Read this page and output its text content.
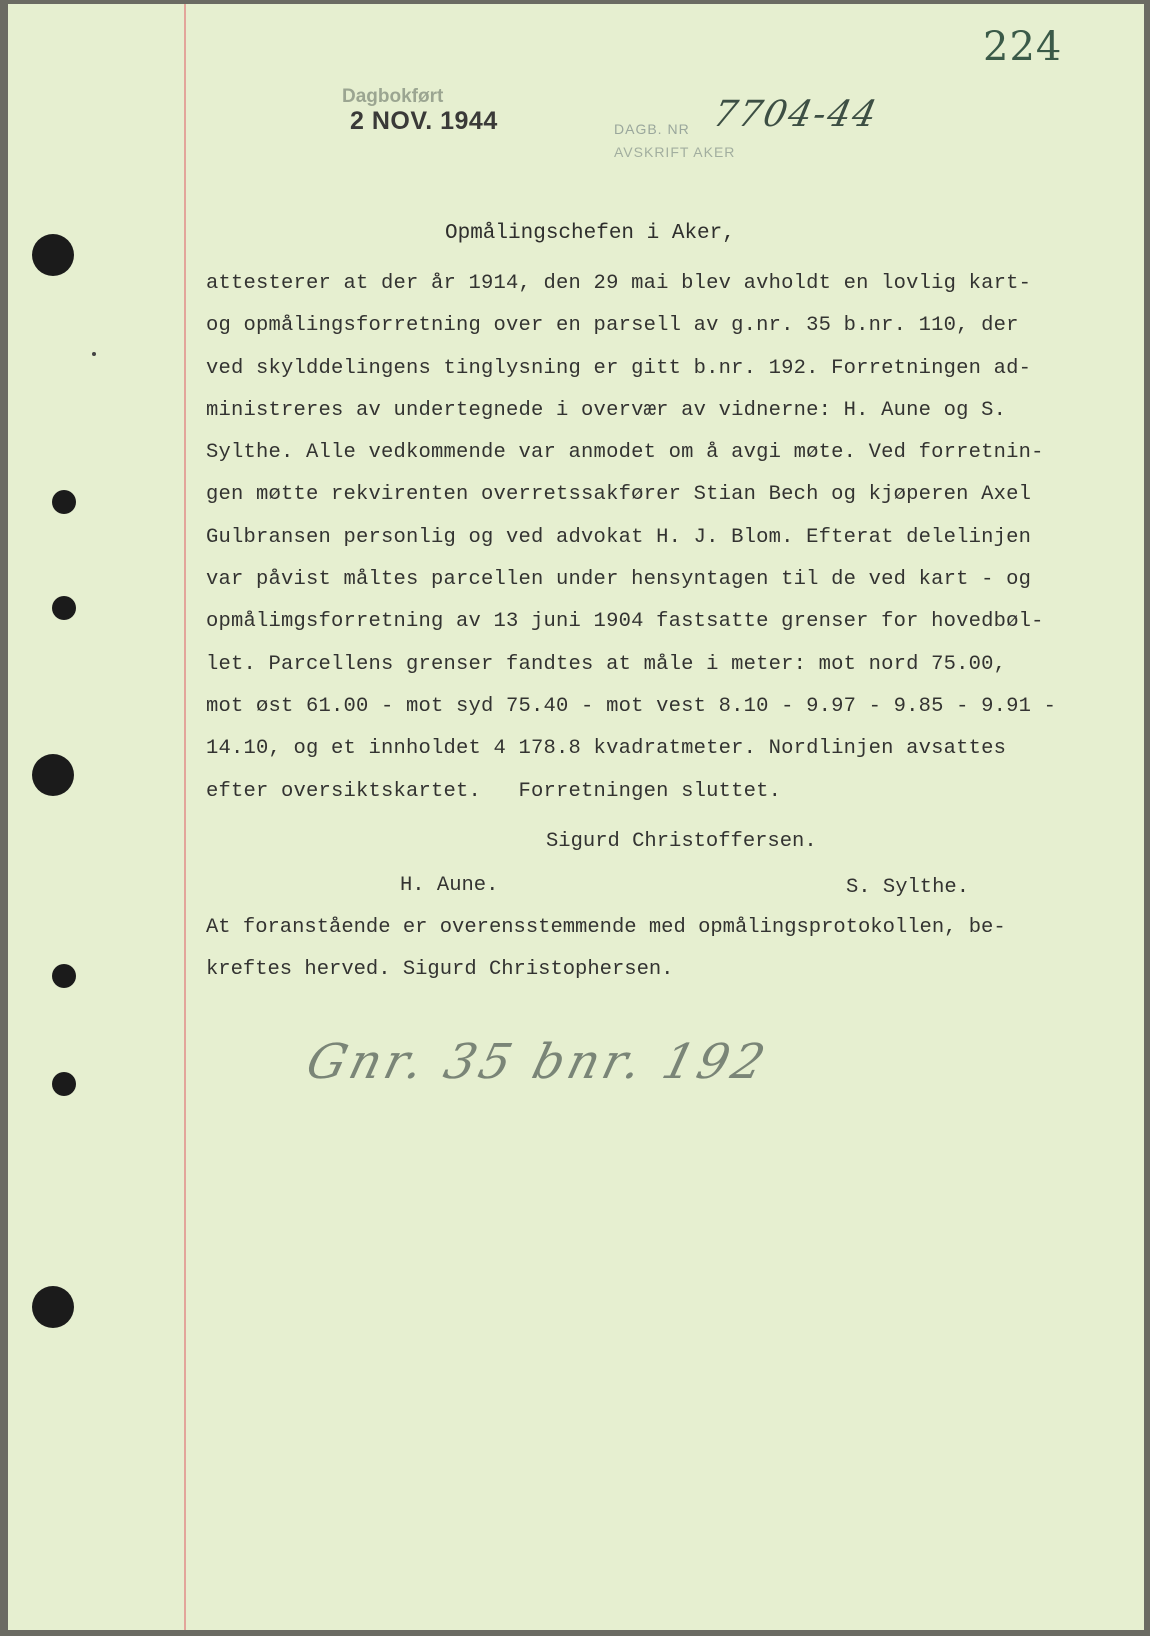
224
Dagbokført
2 NOV. 1944	DAGB. NR
AVSKRIFT AKER
7704-44
Opmålingschefen i Aker,
attesterer at der år 1914, den 29 mai blev avholdt en lovlig kart-
og opmålingsforretning over en parsell av g.nr. 35 b.nr. 110, der
ved skylddelingens tinglysning er gitt b.nr. 192. Forretningen ad-
ministreres av undertegnede i overvær av vidnerne: H. Aune og S.
Sylthe. Alle vedkommende var anmodet om å avgi møte. Ved forretnin-
gen møtte rekvirenten overretssakfører Stian Bech og kjøperen Axel
Gulbransen personlig og ved advokat H. J. Blom. Efterat delelinjen
var påvist måltes parcellen under hensyntagen til de ved kart - og
opmålimgsforretning av 13 juni 1904 fastsatte grenser for hovedbøl-
let. Parcellens grenser fandtes at måle i meter: mot nord 75.00,
mot øst 61.00 - mot syd 75.40 - mot vest 8.10 - 9.97 - 9.85 - 9.91 -
14.10, og et innholdet 4 178.8 kvadratmeter. Nordlinjen avsattes
efter oversiktskartet.   Forretningen sluttet.
Sigurd Christoffersen.
H. Aune.	S. Sylthe.
At foranstående er overensstemmende med opmålingsprotokollen, be-
kreftes herved. Sigurd Christophersen.
Gnr. 35 bnr. 192
